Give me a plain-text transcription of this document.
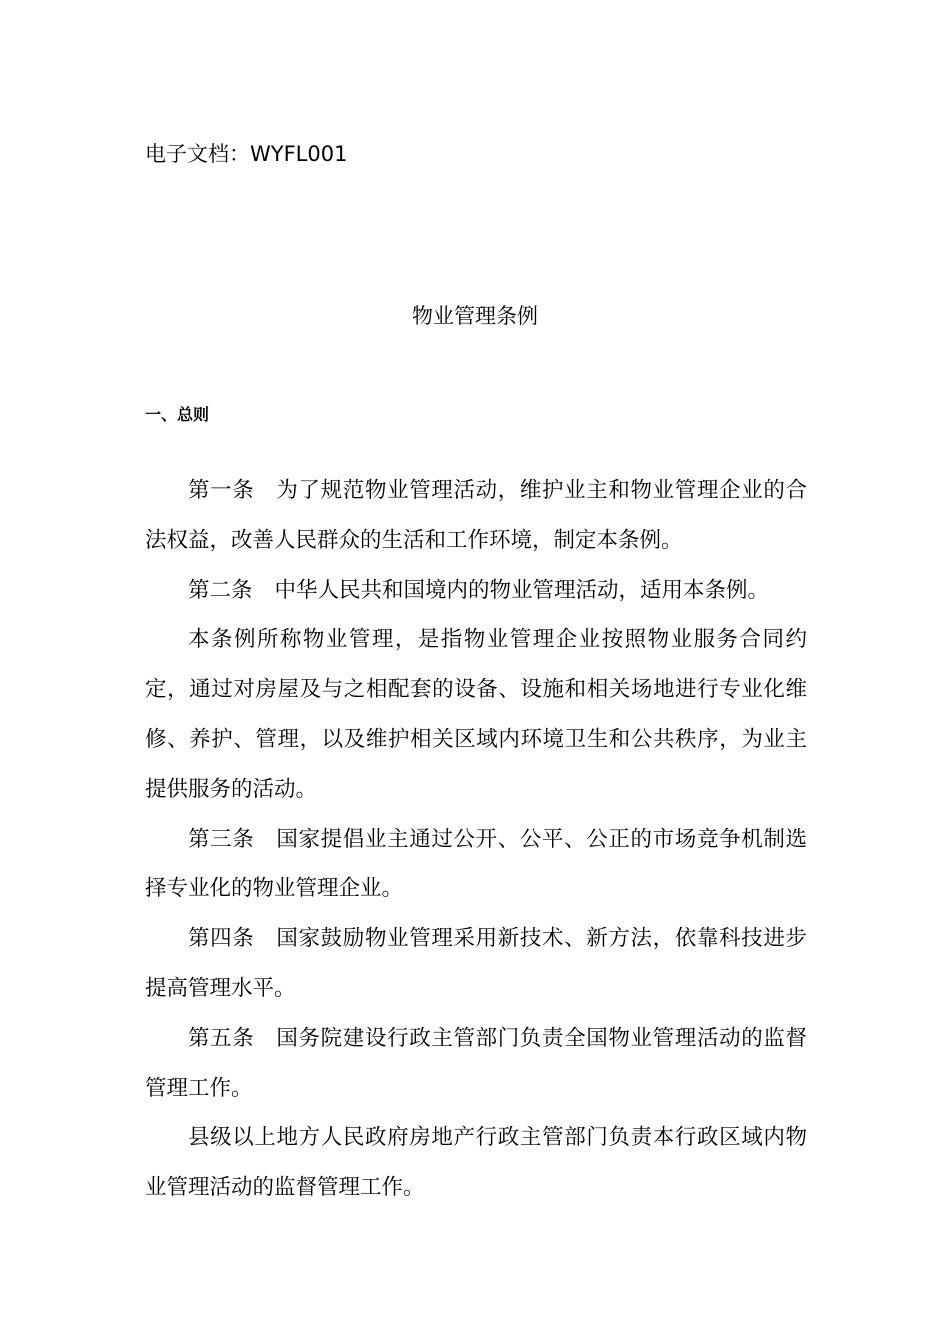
电子文档：WYFL001
物业管理条例
一、总则

第一条 为了规范物业管理活动，维护业主和物业管理企业的合法权益，改善人民群众的生活和工作环境，制定本条例。

第二条 中华人民共和国境内的物业管理活动，适用本条例。

本条例所称物业管理，是指物业管理企业按照物业服务合同约定，通过对房屋及与之相配套的设备、设施和相关场地进行专业化维修、养护、管理，以及维护相关区域内环境卫生和公共秩序，为业主提供服务的活动。

第三条 国家提倡业主通过公开、公平、公正的市场竞争机制选择专业化的物业管理企业。

第四条 国家鼓励物业管理采用新技术、新方法，依靠科技进步提高管理水平。

第五条 国务院建设行政主管部门负责全国物业管理活动的监督管理工作。

县级以上地方人民政府房地产行政主管部门负责本行政区域内物业管理活动的监督管理工作。
